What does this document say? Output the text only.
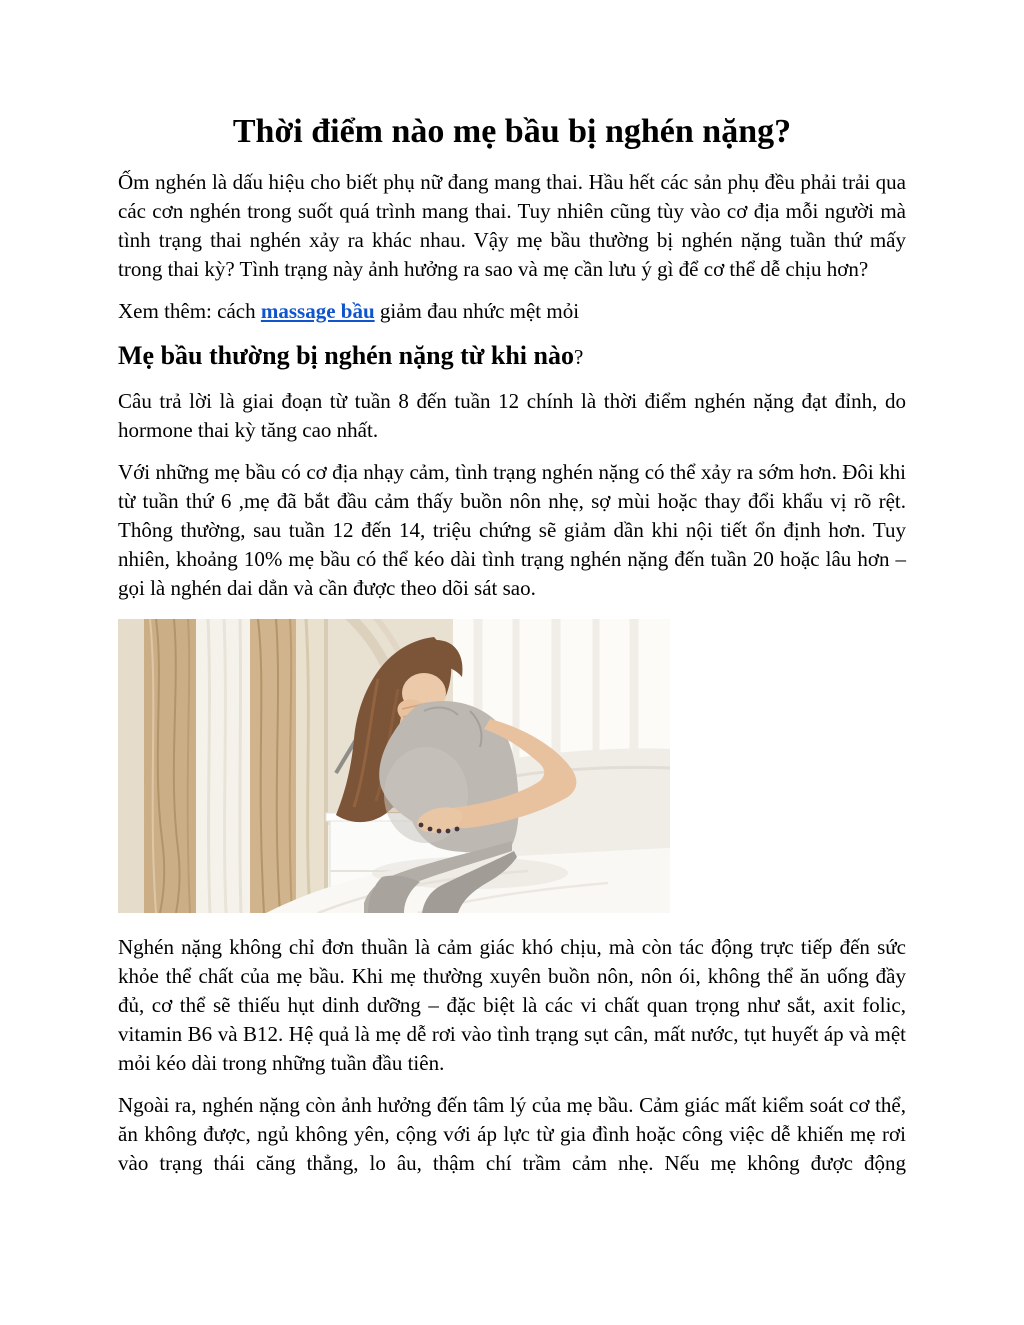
Thời điểm nào mẹ bầu bị nghén nặng?

Ốm nghén là dấu hiệu cho biết phụ nữ đang mang thai. Hầu hết các sản phụ đều phải trải qua các cơn nghén trong suốt quá trình mang thai. Tuy nhiên cũng tùy vào cơ địa mỗi người mà tình trạng thai nghén xảy ra khác nhau. Vậy mẹ bầu thường bị nghén nặng tuần thứ mấy trong thai kỳ? Tình trạng này ảnh hưởng ra sao và mẹ cần lưu ý gì để cơ thể dễ chịu hơn?

Xem thêm: cách massage bầu giảm đau nhức mệt mỏi

Mẹ bầu thường bị nghén nặng từ khi nào?

Câu trả lời là giai đoạn từ tuần 8 đến tuần 12 chính là thời điểm nghén nặng đạt đỉnh, do hormone thai kỳ tăng cao nhất.

Với những mẹ bầu có cơ địa nhạy cảm, tình trạng nghén nặng có thể xảy ra sớm hơn. Đôi khi từ tuần thứ 6 ,mẹ đã bắt đầu cảm thấy buồn nôn nhẹ, sợ mùi hoặc thay đổi khẩu vị rõ rệt. Thông thường, sau tuần 12 đến 14, triệu chứng sẽ giảm dần khi nội tiết ổn định hơn. Tuy nhiên, khoảng 10% mẹ bầu có thể kéo dài tình trạng nghén nặng đến tuần 20 hoặc lâu hơn – gọi là nghén dai dẳn và cần được theo dõi sát sao.

Nghén nặng không chỉ đơn thuần là cảm giác khó chịu, mà còn tác động trực tiếp đến sức khỏe thể chất của mẹ bầu. Khi mẹ thường xuyên buồn nôn, nôn ói, không thể ăn uống đầy đủ, cơ thể sẽ thiếu hụt dinh dưỡng – đặc biệt là các vi chất quan trọng như sắt, axit folic, vitamin B6 và B12. Hệ quả là mẹ dễ rơi vào tình trạng sụt cân, mất nước, tụt huyết áp và mệt mỏi kéo dài trong những tuần đầu tiên.

Ngoài ra, nghén nặng còn ảnh hưởng đến tâm lý của mẹ bầu. Cảm giác mất kiểm soát cơ thể, ăn không được, ngủ không yên, cộng với áp lực từ gia đình hoặc công việc dễ khiến mẹ rơi vào trạng thái căng thẳng, lo âu, thậm chí trầm cảm nhẹ. Nếu mẹ không được động
